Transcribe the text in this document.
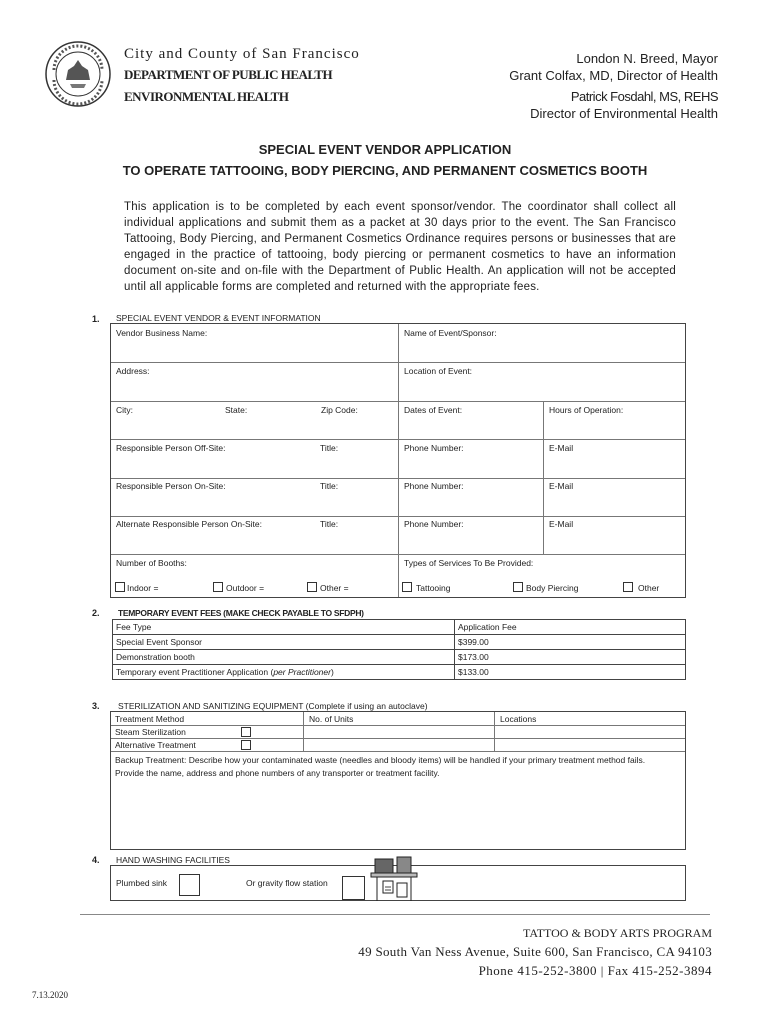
City and County of San Francisco
DEPARTMENT OF PUBLIC HEALTH
ENVIRONMENTAL HEALTH
London N. Breed, Mayor
Grant Colfax, MD, Director of Health
Patrick Fosdahl, MS, REHS
Director of Environmental Health
SPECIAL EVENT VENDOR APPLICATION
TO OPERATE TATTOOING, BODY PIERCING, AND PERMANENT COSMETICS BOOTH
This application is to be completed by each event sponsor/vendor. The coordinator shall collect all individual applications and submit them as a packet at 30 days prior to the event. The San Francisco Tattooing, Body Piercing, and Permanent Cosmetics Ordinance requires persons or businesses that are engaged in the practice of tattooing, body piercing or permanent cosmetics to have an information document on-site and on-file with the Department of Public Health. An application will not be accepted until all applicable forms are completed and returned with the appropriate fees.
1. SPECIAL EVENT VENDOR & EVENT INFORMATION
Vendor Business Name:	Name of Event/Sponsor:
Address:	Location of Event:
City:	State:	Zip Code:	Dates of Event:	Hours of Operation:
Responsible Person Off-Site:	Title:	Phone Number:	E-Mail
Responsible Person On-Site:	Title:	Phone Number:	E-Mail
Alternate Responsible Person On-Site:	Title:	Phone Number:	E-Mail
Number of Booths:	Types of Services To Be Provided:
Indoor =	Outdoor =	Other =	Tattooing	Body Piercing	Other
2. TEMPORARY EVENT FEES (MAKE CHECK PAYABLE TO SFDPH)
Fee Type	Application Fee
Special Event Sponsor	$399.00
Demonstration booth	$173.00
Temporary event Practitioner Application (per Practitioner)	$133.00
3. STERILIZATION AND SANITIZING EQUIPMENT (Complete if using an autoclave)
Treatment Method	No. of Units	Locations
Steam Sterilization
Alternative Treatment
Backup Treatment: Describe how your contaminated waste (needles and bloody items) will be handled if your primary treatment method fails. Provide the name, address and phone numbers of any transporter or treatment facility.
4. HAND WASHING FACILITIES
Plumbed sink	Or gravity flow station
TATTOO & BODY ARTS PROGRAM
49 South Van Ness Avenue, Suite 600, San Francisco, CA 94103
Phone 415-252-3800 | Fax 415-252-3894
7.13.2020
